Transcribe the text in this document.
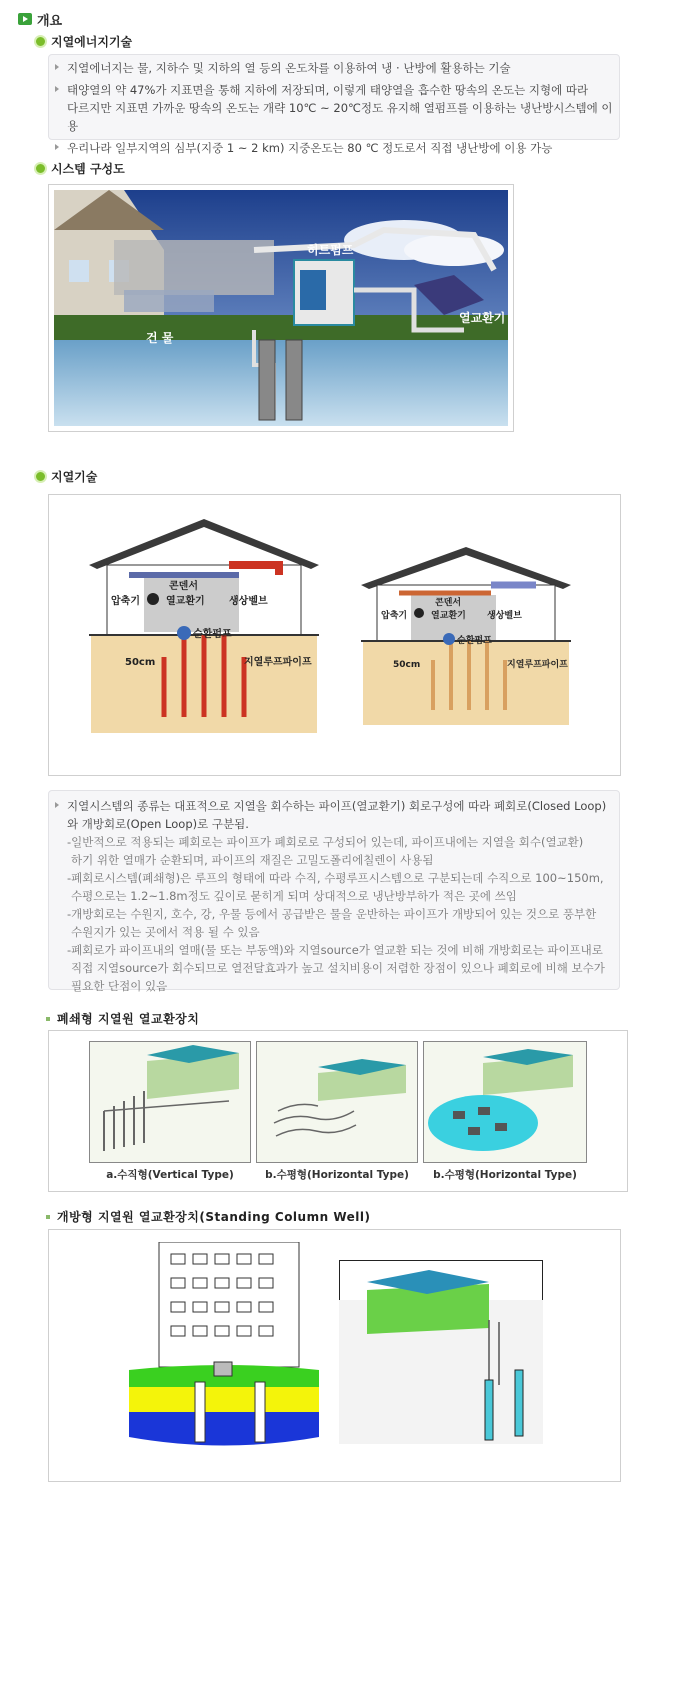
개요
지열에너지기술
지열에너지는 물, 지하수 및 지하의 열 등의 온도차를 이용하여 냉 · 난방에 활용하는 기술
태양열의 약 47%가 지표면을 통해 지하에 저장되며, 이렇게 태양열을 흡수한 땅속의 온도는 지형에 따라
다르지만 지표면 가까운 땅속의 온도는 개략 10℃ ~ 20℃정도 유지해 열펌프를 이용하는 냉난방시스템에 이용
우리나라 일부지역의 심부(지중 1 ~ 2 km) 지중온도는 80 ℃ 정도로서 직접 냉난방에 이용 가능
시스템 구성도
히트펌프
건 물
열교환기
지열기술
콘덴서
열교환기
압축기	생상벨브
순환펌프
50cm	지열루프파이프
콘덴서
열교환기
압축기	생상벨브
순환펌프
50cm	지열루프파이프
지열시스템의 종류는 대표적으로 지열을 회수하는 파이프(열교환기) 회로구성에 따라 폐회로(Closed Loop)
와 개방회로(Open Loop)로 구분됨.
-일반적으로 적용되는 폐회로는 파이프가 폐회로로 구성되어 있는데, 파이프내에는 지열을 회수(열교환)
하기 위한 열매가 순환되며, 파이프의 재질은 고밀도폴리에칠렌이 사용됨
-폐회로시스템(폐쇄형)은 루프의 형태에 따라 수직, 수평루프시스템으로 구분되는데 수직으로 100~150m,
수평으로는 1.2~1.8m정도 깊이로 묻히게 되며 상대적으로 냉난방부하가 적은 곳에 쓰임
-개방회로는 수원지, 호수, 강, 우물 등에서 공급받은 물을 운반하는 파이프가 개방되어 있는 것으로 풍부한
수원지가 있는 곳에서 적용 될 수 있음
-폐회로가 파이프내의 열매(물 또는 부동액)와 지열source가 열교환 되는 것에 비해 개방회로는 파이프내로
직접 지열source가 회수되므로 열전달효과가 높고 설치비용이 저렴한 장점이 있으나 폐회로에 비해 보수가
필요한 단점이 있음
폐쇄형 지열원 열교환장치
a.수직형(Vertical Type)	b.수평형(Horizontal Type)	b.수평형(Horizontal Type)
개방형 지열원 열교환장치(Standing Column Well)
